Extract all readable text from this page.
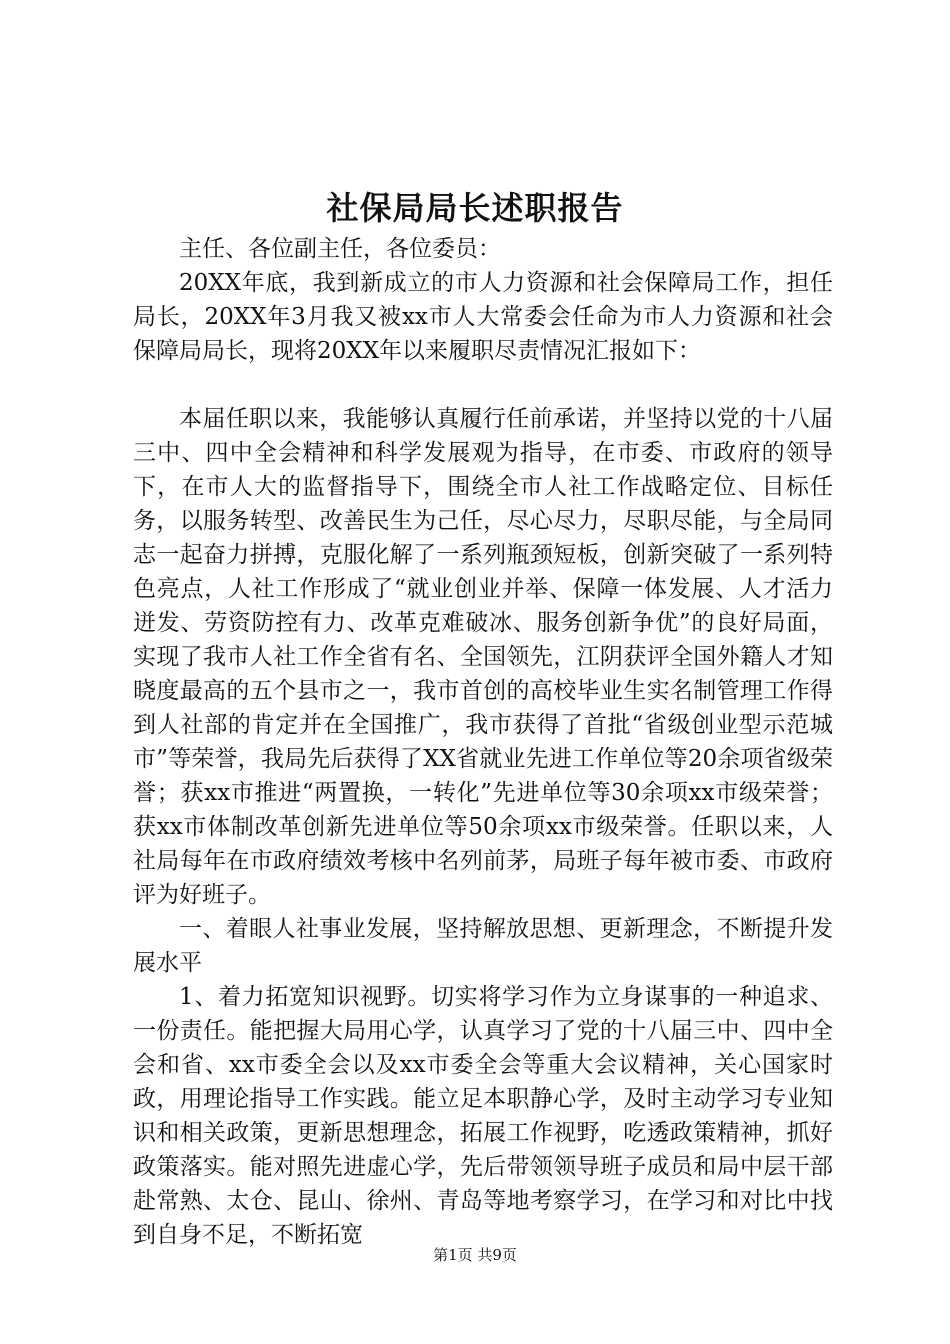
社保局局长述职报告

主任、各位副主任，各位委员：

20XX年底，我到新成立的市人力资源和社会保障局工作，担任局长，20XX年3月我又被xx市人大常委会任命为市人力资源和社会保障局局长，现将20XX年以来履职尽责情况汇报如下：

本届任职以来，我能够认真履行任前承诺，并坚持以党的十八届三中、四中全会精神和科学发展观为指导，在市委、市政府的领导下，在市人大的监督指导下，围绕全市人社工作战略定位、目标任务，以服务转型、改善民生为己任，尽心尽力，尽职尽能，与全局同志一起奋力拼搏，克服化解了一系列瓶颈短板，创新突破了一系列特色亮点，人社工作形成了“就业创业并举、保障一体发展、人才活力迸发、劳资防控有力、改革克难破冰、服务创新争优”的良好局面，实现了我市人社工作全省有名、全国领先，江阴获评全国外籍人才知晓度最高的五个县市之一，我市首创的高校毕业生实名制管理工作得到人社部的肯定并在全国推广，我市获得了首批“省级创业型示范城市”等荣誉，我局先后获得了XX省就业先进工作单位等20余项省级荣誉；获xx市推进“两置换，一转化”先进单位等30余项xx市级荣誉；获xx市体制改革创新先进单位等50余项xx市级荣誉。任职以来，人社局每年在市政府绩效考核中名列前茅，局班子每年被市委、市政府评为好班子。

一、着眼人社事业发展，坚持解放思想、更新理念，不断提升发展水平

1、着力拓宽知识视野。切实将学习作为立身谋事的一种追求、一份责任。能把握大局用心学，认真学习了党的十八届三中、四中全会和省、xx市委全会以及xx市委全会等重大会议精神，关心国家时政，用理论指导工作实践。能立足本职静心学，及时主动学习专业知识和相关政策，更新思想理念，拓展工作视野，吃透政策精神，抓好政策落实。能对照先进虚心学，先后带领领导班子成员和局中层干部赴常熟、太仓、昆山、徐州、青岛等地考察学习，在学习和对比中找到自身不足，不断拓宽

第1页 共9页
